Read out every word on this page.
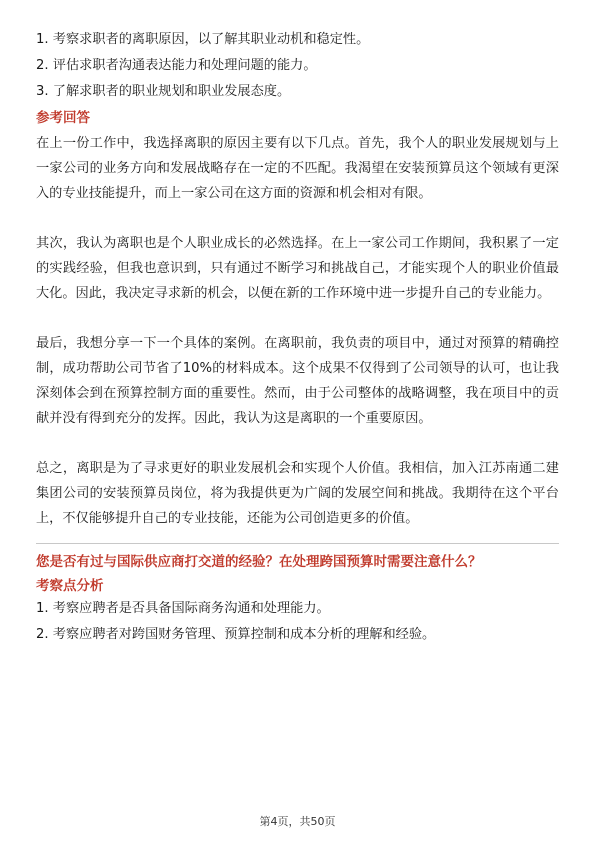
1. 考察求职者的离职原因，以了解其职业动机和稳定性。
2. 评估求职者沟通表达能力和处理问题的能力。
3. 了解求职者的职业规划和职业发展态度。
参考回答

在上一份工作中，我选择离职的原因主要有以下几点。首先，我个人的职业发展规划与上一家公司的业务方向和发展战略存在一定的不匹配。我渴望在安装预算员这个领域有更深入的专业技能提升，而上一家公司在这方面的资源和机会相对有限。

其次，我认为离职也是个人职业成长的必然选择。在上一家公司工作期间，我积累了一定的实践经验，但我也意识到，只有通过不断学习和挑战自己，才能实现个人的职业价值最大化。因此，我决定寻求新的机会，以便在新的工作环境中进一步提升自己的专业能力。

最后，我想分享一下一个具体的案例。在离职前，我负责的项目中，通过对预算的精确控制，成功帮助公司节省了10%的材料成本。这个成果不仅得到了公司领导的认可，也让我深刻体会到在预算控制方面的重要性。然而，由于公司整体的战略调整，我在项目中的贡献并没有得到充分的发挥。因此，我认为这是离职的一个重要原因。

总之，离职是为了寻求更好的职业发展机会和实现个人价值。我相信，加入江苏南通二建集团公司的安装预算员岗位，将为我提供更为广阔的发展空间和挑战。我期待在这个平台上，不仅能够提升自己的专业技能，还能为公司创造更多的价值。

您是否有过与国际供应商打交道的经验？在处理跨国预算时需要注意什么？
考察点分析
1. 考察应聘者是否具备国际商务沟通和处理能力。
2. 考察应聘者对跨国财务管理、预算控制和成本分析的理解和经验。
第4页，共50页
